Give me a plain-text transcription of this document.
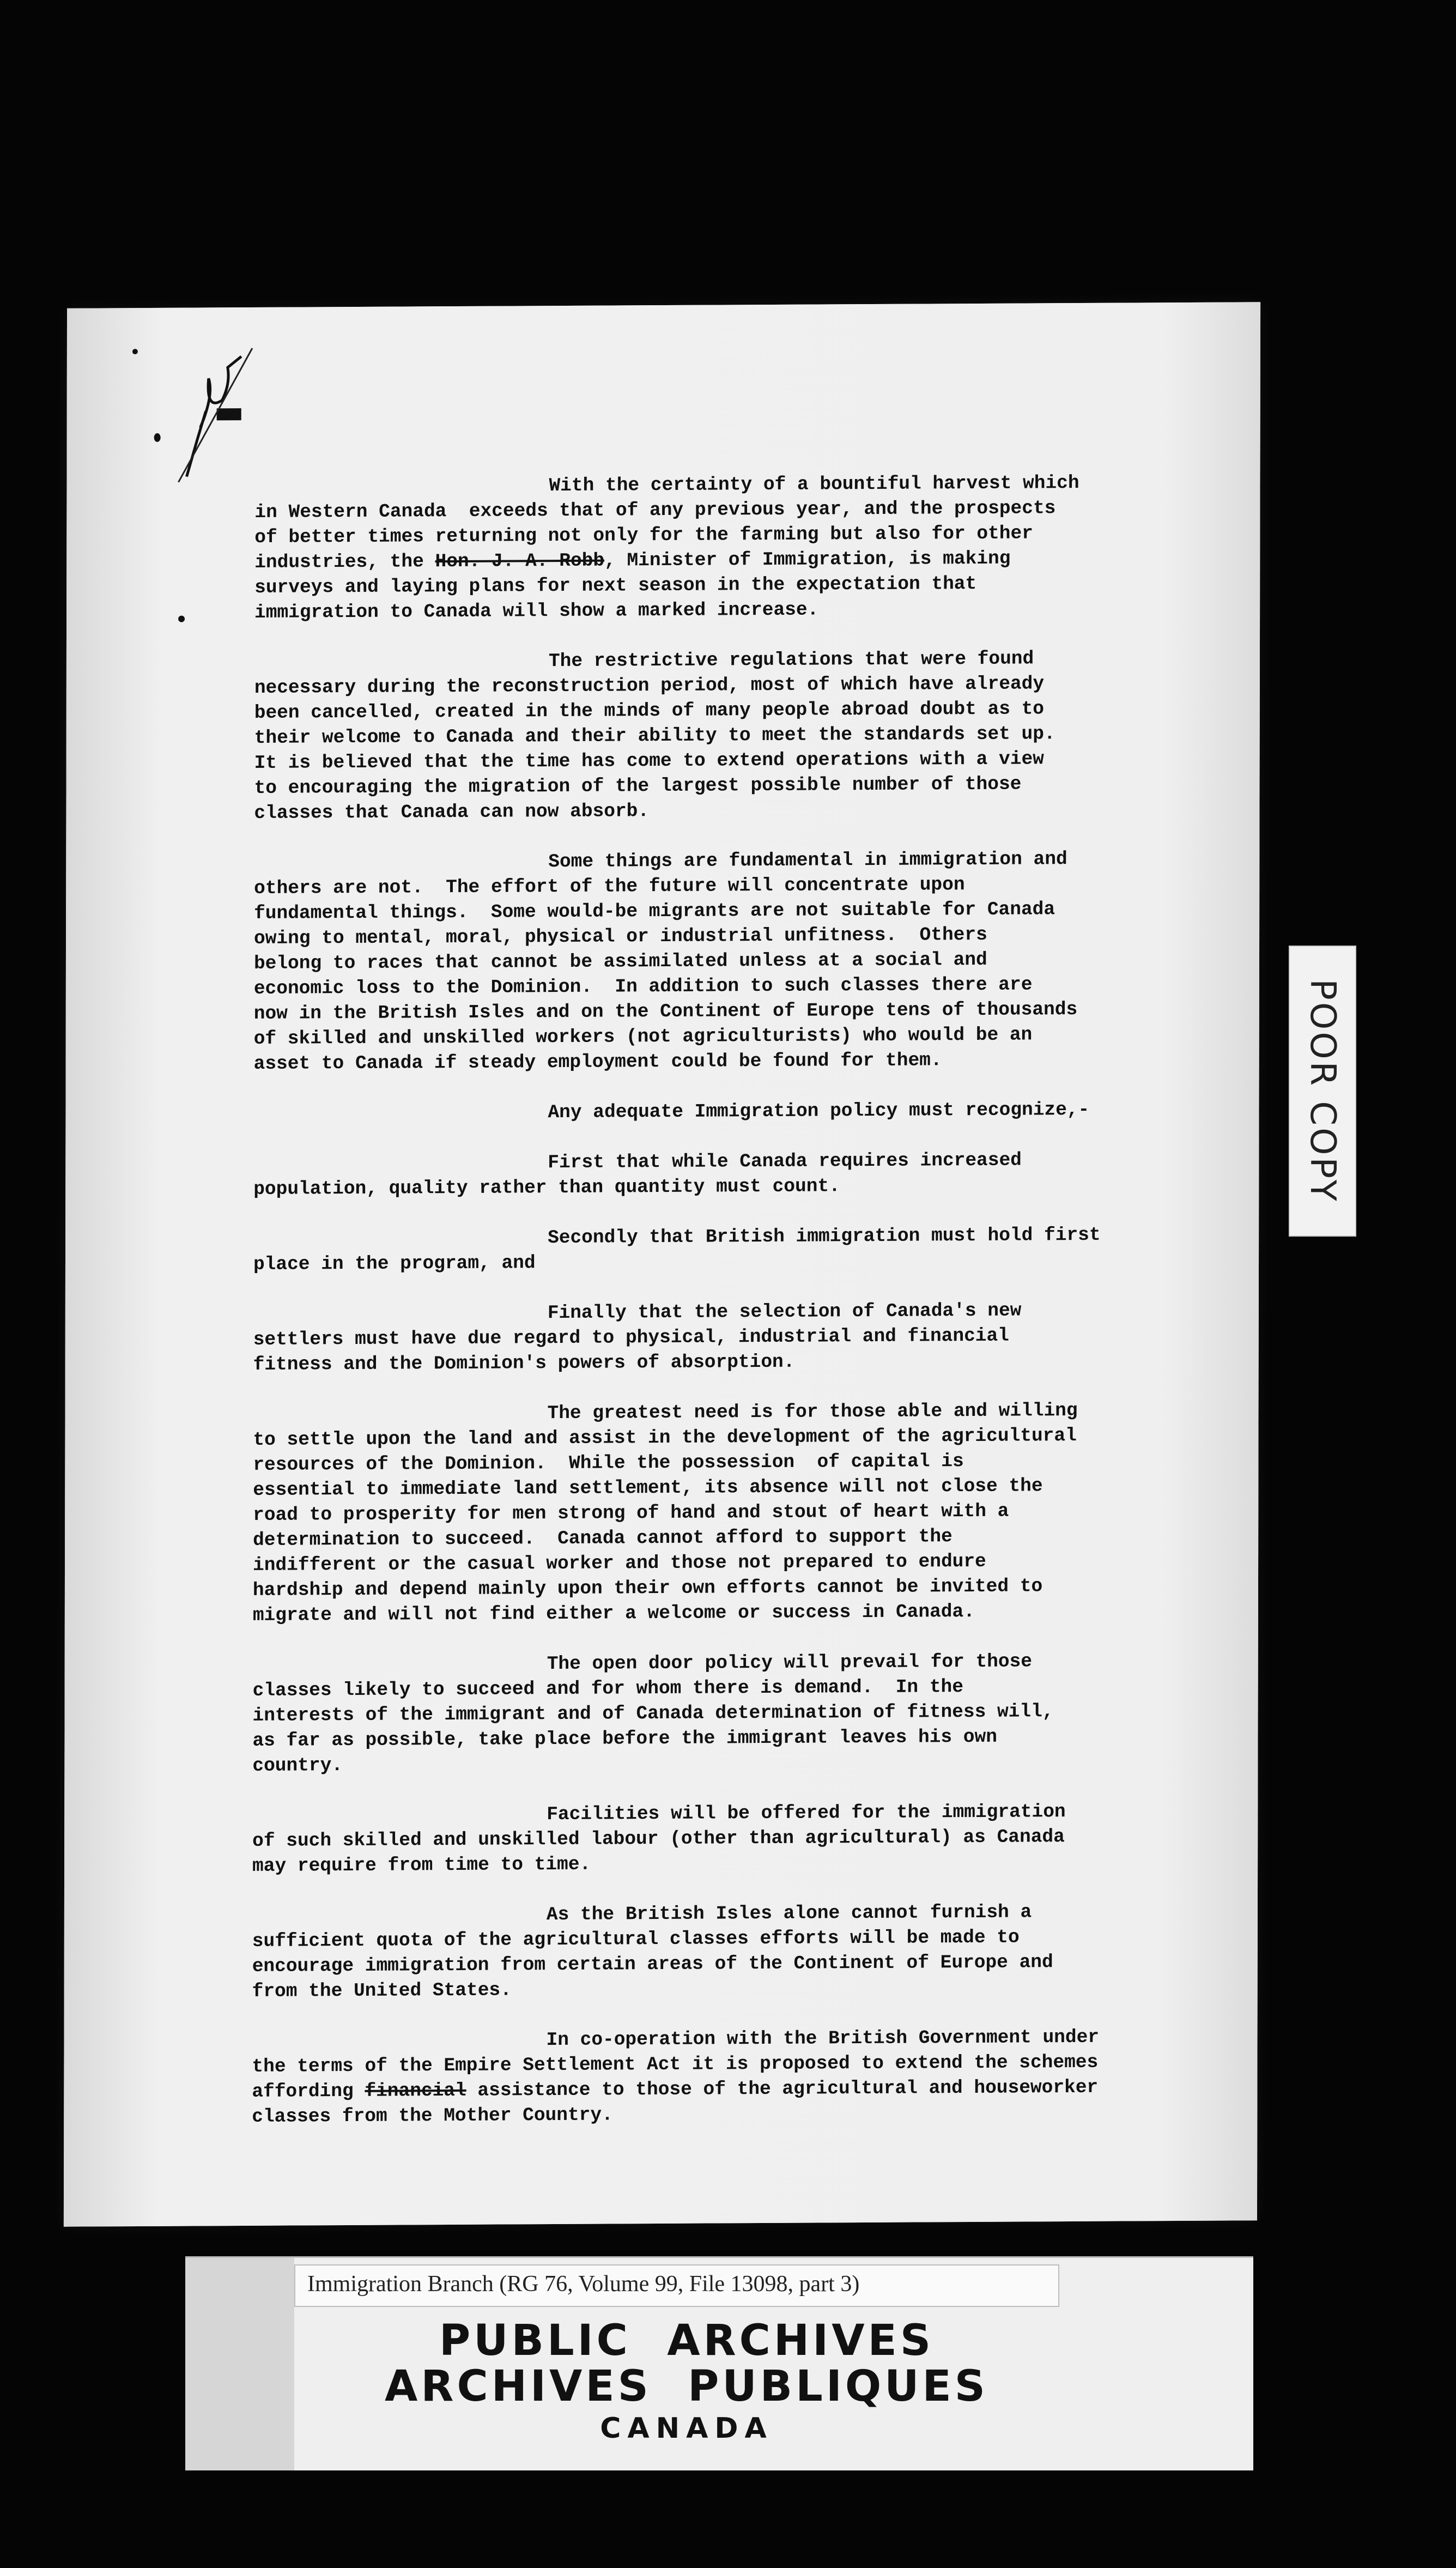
With the certainty of a bountiful harvest which
in Western Canada  exceeds that of any previous year, and the prospects
of better times returning not only for the farming but also for other
industries, the Hon. J. A. Robb, Minister of Immigration, is making
surveys and laying plans for next season in the expectation that
immigration to Canada will show a marked increase.
The restrictive regulations that were found
necessary during the reconstruction period, most of which have already
been cancelled, created in the minds of many people abroad doubt as to
their welcome to Canada and their ability to meet the standards set up.
It is believed that the time has come to extend operations with a view
to encouraging the migration of the largest possible number of those
classes that Canada can now absorb.
Some things are fundamental in immigration and
others are not.  The effort of the future will concentrate upon
fundamental things.  Some would-be migrants are not suitable for Canada
owing to mental, moral, physical or industrial unfitness.  Others
belong to races that cannot be assimilated unless at a social and
economic loss to the Dominion.  In addition to such classes there are
now in the British Isles and on the Continent of Europe tens of thousands
of skilled and unskilled workers (not agriculturists) who would be an
asset to Canada if steady employment could be found for them.
Any adequate Immigration policy must recognize,-
First that while Canada requires increased
population, quality rather than quantity must count.
Secondly that British immigration must hold first
place in the program, and
Finally that the selection of Canada's new
settlers must have due regard to physical, industrial and financial
fitness and the Dominion's powers of absorption.
The greatest need is for those able and willing
to settle upon the land and assist in the development of the agricultural
resources of the Dominion.  While the possession  of capital is
essential to immediate land settlement, its absence will not close the
road to prosperity for men strong of hand and stout of heart with a
determination to succeed.  Canada cannot afford to support the
indifferent or the casual worker and those not prepared to endure
hardship and depend mainly upon their own efforts cannot be invited to
migrate and will not find either a welcome or success in Canada.
The open door policy will prevail for those
classes likely to succeed and for whom there is demand.  In the
interests of the immigrant and of Canada determination of fitness will,
as far as possible, take place before the immigrant leaves his own
country.
Facilities will be offered for the immigration
of such skilled and unskilled labour (other than agricultural) as Canada
may require from time to time.
As the British Isles alone cannot furnish a
sufficient quota of the agricultural classes efforts will be made to
encourage immigration from certain areas of the Continent of Europe and
from the United States.
In co-operation with the British Government under
the terms of the Empire Settlement Act it is proposed to extend the schemes
affording financial assistance to those of the agricultural and houseworker
classes from the Mother Country.
POOR COPY
Immigration Branch (RG 76, Volume 99, File 13098, part 3)
PUBLIC  ARCHIVES
ARCHIVES  PUBLIQUES
CANADA
